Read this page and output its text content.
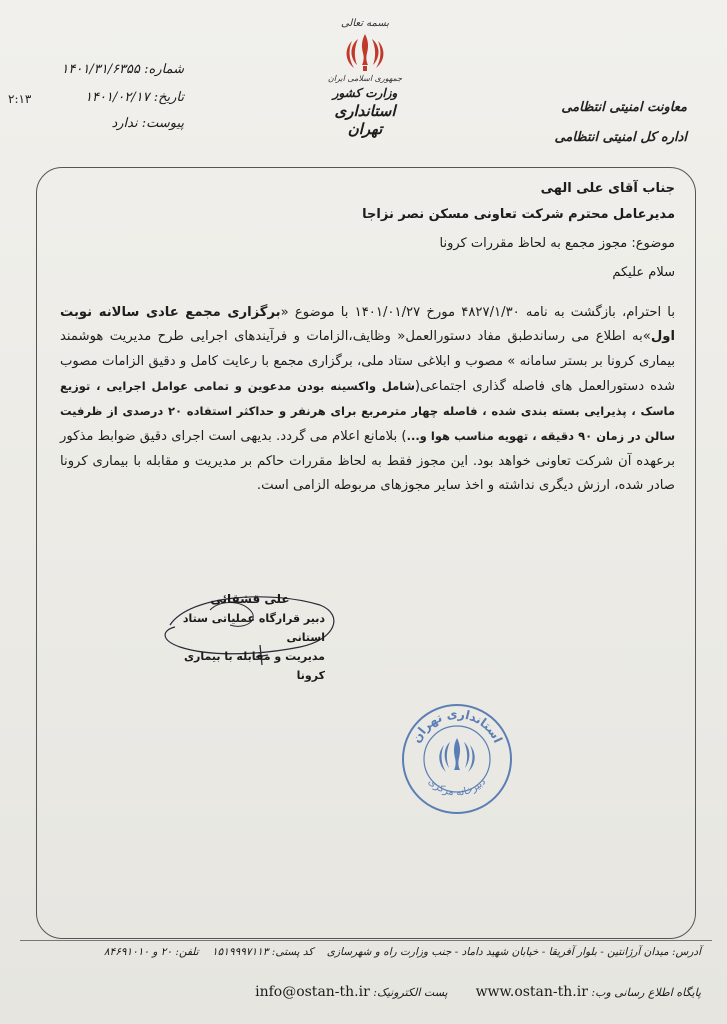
شماره: ۱۴۰۱/۳۱/۶۳۵۵
تاریخ: ۱۴۰۱/۰۲/۱۷
پیوست: ندارد
۲:۱۳
بسمه تعالی
جمهوری اسلامی ایران
وزارت کشور
استانداری تهران
معاونت امنیتی انتظامی
اداره کل امنیتی انتظامی
جناب آقای علی الهی
مدیرعامل محترم شرکت تعاونی مسکن نصر نزاجا
موضوع: مجوز مجمع به لحاظ مقررات کرونا
سلام علیکم
با احترام، بازگشت به نامه ۴۸۲۷/۱/۳۰ مورخ ۱۴۰۱/۰۱/۲۷ با موضوع «برگزاری مجمع عادی سالانه نوبت اول»به اطلاع می رساندطبق مفاد دستورالعمل« وظایف،الزامات و فرآیندهای اجرایی طرح مدیریت هوشمند بیماری کرونا بر بستر سامانه » مصوب و ابلاغی ستاد ملی، برگزاری مجمع با رعایت کامل و دقیق الزامات مصوب شده دستورالعمل های فاصله گذاری اجتماعی(شامل واکسینه بودن مدعوین و تمامی عوامل اجرایی ، توزیع ماسک ، پذیرایی بسته بندی شده ، فاصله چهار مترمربع برای هرنفر و حداکثر استفاده ۲۰ درصدی از ظرفیت سالن در زمان ۹۰ دقیقه ، تهویه مناسب هوا و...) بلامانع اعلام می گردد. بدیهی است اجرای دقیق ضوابط مذکور برعهده آن شرکت تعاونی خواهد بود. این مجوز فقط به لحاظ مقررات حاکم بر مدیریت و مقابله با بیماری کرونا صادر شده، ارزش دیگری نداشته و اخذ سایر مجوزهای مربوطه الزامی است.
علی قشقائی
دبیر قرارگاه عملیاتی ستاد استانی
مدیریت و مقابله با بیماری کرونا
استانداری تهران
دبیرخانه مرکزی
آدرس: میدان آرژانتین - بلوار آفریقا - خیابان شهید داماد - جنب وزارت راه و شهرسازی    کد پستی: ۱۵۱۹۹۹۷۱۱۳    تلفن: ۲۰ و ۸۴۶۹۱۰۱۰
پایگاه اطلاع رسانی وب: www.ostan-th.ir        پست الکترونیک: info@ostan-th.ir
